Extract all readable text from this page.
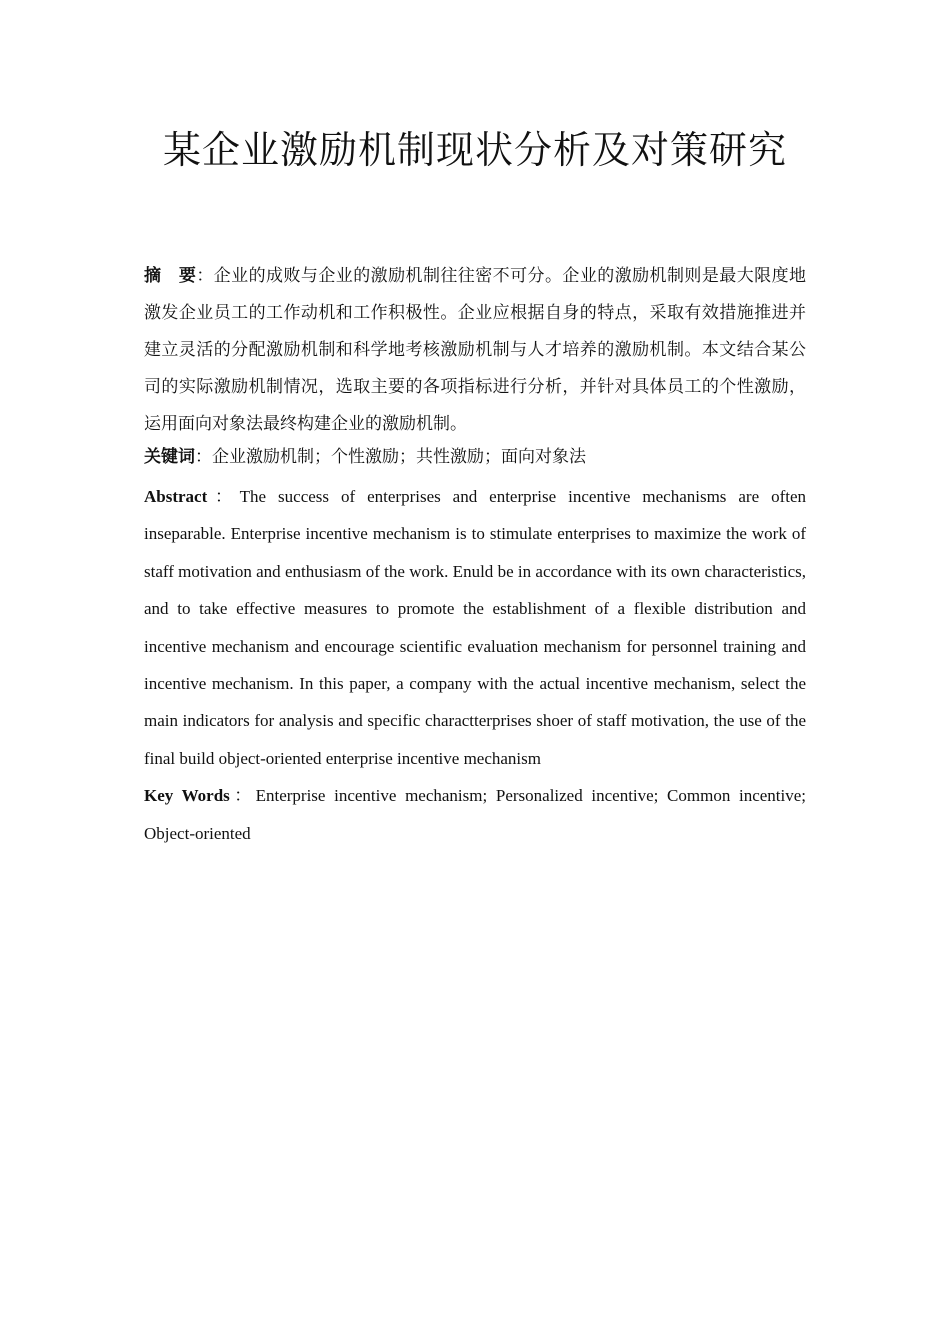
某企业激励机制现状分析及对策研究

摘　要：企业的成败与企业的激励机制往往密不可分。企业的激励机制则是最大限度地激发企业员工的工作动机和工作积极性。企业应根据自身的特点，采取有效措施推进并建立灵活的分配激励机制和科学地考核激励机制与人才培养的激励机制。本文结合某公司的实际激励机制情况，选取主要的各项指标进行分析，并针对具体员工的个性激励，运用面向对象法最终构建企业的激励机制。

关键词：企业激励机制；个性激励；共性激励；面向对象法

Abstract：The success of enterprises and enterprise incentive mechanisms are often inseparable. Enterprise incentive mechanism is to stimulate enterprises to maximize the work of staff motivation and enthusiasm of the work. Enuld be in accordance with its own characteristics, and to take effective measures to promote the establishment of a flexible distribution and incentive mechanism and encourage scientific evaluation mechanism for personnel training and incentive mechanism. In this paper, a company with the actual incentive mechanism, select the main indicators for analysis and specific charactterprises shoer of staff motivation, the use of the final build object-oriented enterprise incentive mechanism

Key Words：Enterprise incentive mechanism; Personalized incentive; Common incentive; Object-oriented
